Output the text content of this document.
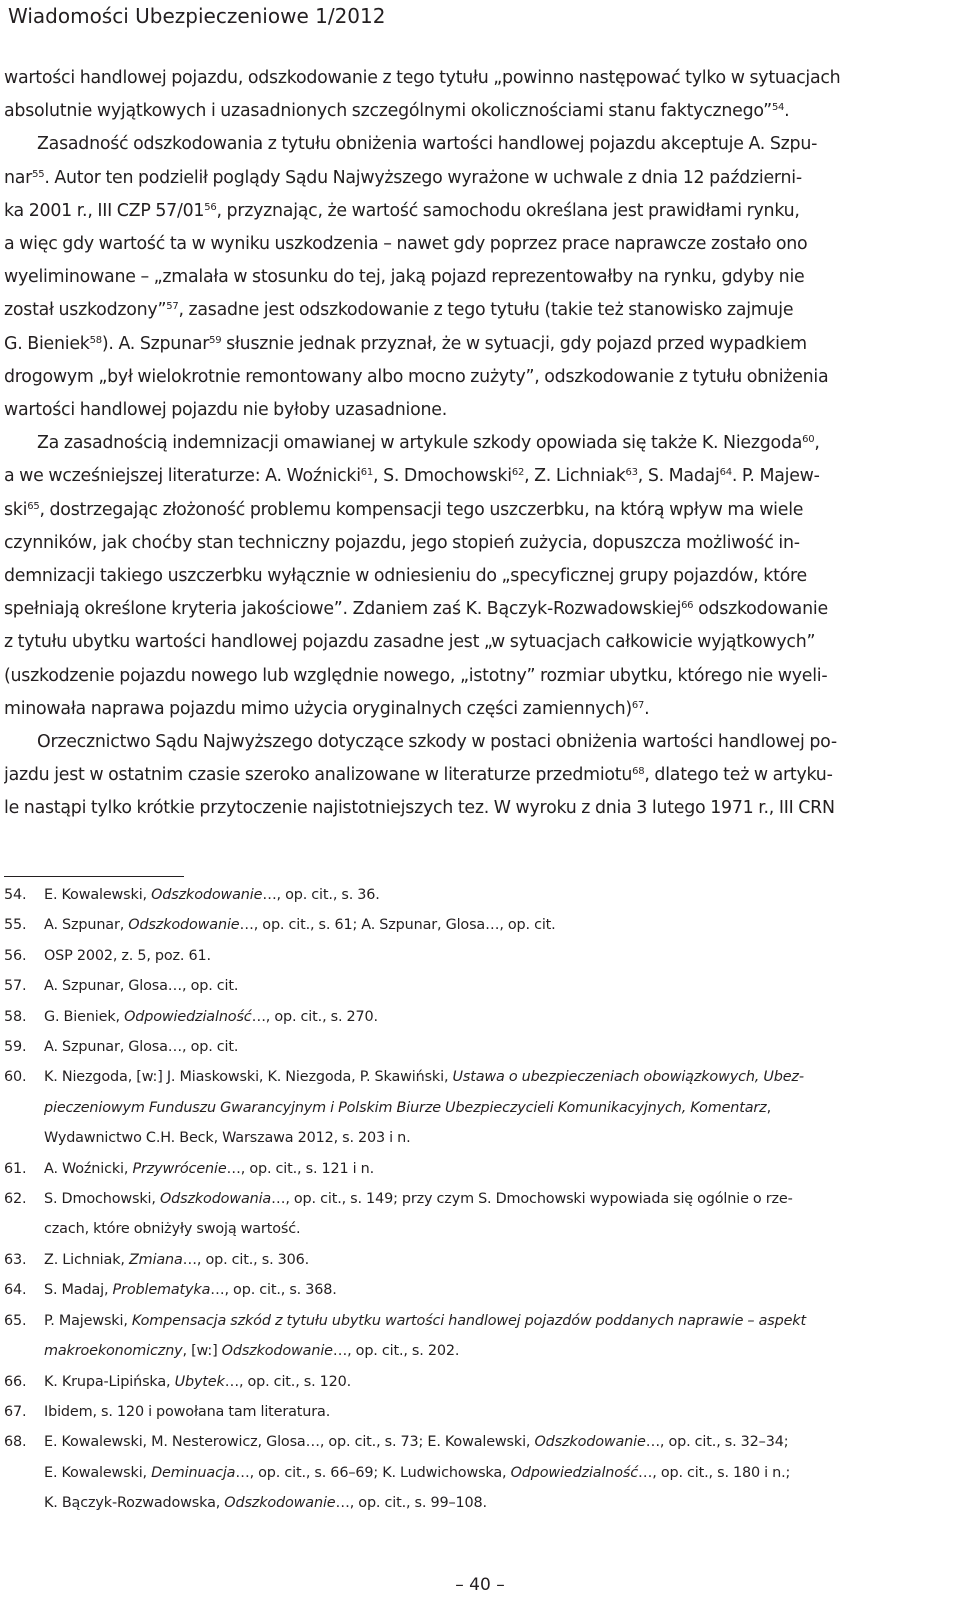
Wiadomości Ubezpieczeniowe 1/2012
wartości handlowej pojazdu, odszkodowanie z tego tytułu „powinno następować tylko w sytuacjach
absolutnie wyjątkowych i uzasadnionych szczególnymi okolicznościami stanu faktycznego”$^{54}$.
Zasadność odszkodowania z tytułu obniżenia wartości handlowej pojazdu akceptuje A. Szpu-
nar$^{55}$. Autor ten podzielił poglądy Sądu Najwyższego wyrażone w uchwale z dnia 12 październi-
ka 2001 r., III CZP $57/01^{56}$, przyznając, że wartość samochodu określana jest prawidłami rynku,
a więc gdy wartość ta w wyniku uszkodzenia – nawet gdy poprzez prace naprawcze zostało ono
wyeliminowane – „zmalała w stosunku do tej, jaką pojazd reprezentowałby na rynku, gdyby nie
został uszkodzony”$^{57}$, zasadne jest odszkodowanie z tego tytułu (takie też stanowisko zajmuje
G. Bieniek$^{58}$). A. Szpunar$^{59}$ słusznie jednak przyznał, że w sytuacji, gdy pojazd przed wypadkiem
drogowym „był wielokrotnie remontowany albo mocno zużyty”, odszkodowanie z tytułu obniżenia
wartości handlowej pojazdu nie byłoby uzasadnione.
Za zasadnością indemnizacji omawianej w artykule szkody opowiada się także K. Niezgoda$^{60}$,
a we wcześniejszej literaturze: A. Woźnicki$^{61}$, S. Dmochowski$^{62}$, Z. Lichniak$^{63}$, S. Madaj$^{64}$. P. Majew-
ski$^{65}$, dostrzegając złożoność problemu kompensacji tego uszczerbku, na którą wpływ ma wiele
czynników, jak choćby stan techniczny pojazdu, jego stopień zużycia, dopuszcza możliwość in-
demnizacji takiego uszczerbku wyłącznie w odniesieniu do „specyficznej grupy pojazdów, które
spełniają określone kryteria jakościowe”. Zdaniem zaś K. Bączyk-Rozwadowskiej$^{66}$ odszkodowanie
z tytułu ubytku wartości handlowej pojazdu zasadne jest „w sytuacjach całkowicie wyjątkowych”
(uszkodzenie pojazdu nowego lub względnie nowego, „istotny” rozmiar ubytku, którego nie wyeli-
minowała naprawa pojazdu mimo użycia oryginalnych części zamiennych)$^{67}$.
Orzecznictwo Sądu Najwyższego dotyczące szkody w postaci obniżenia wartości handlowej po-
jazdu jest w ostatnim czasie szeroko analizowane w literaturze przedmiotu$^{68}$, dlatego też w artyku-
le nastąpi tylko krótkie przytoczenie najistotniejszych tez. W wyroku z dnia 3 lutego 1971 r., III CRN
54. E. Kowalewski, Odszkodowanie…, op. cit., s. 36.
55. A. Szpunar, Odszkodowanie…, op. cit., s. 61; A. Szpunar, Glosa…, op. cit.
56. OSP 2002, z. 5, poz. 61.
57. A. Szpunar, Glosa…, op. cit.
58. G. Bieniek, Odpowiedzialność…, op. cit., s. 270.
59. A. Szpunar, Glosa…, op. cit.
60. K. Niezgoda, [w:] J. Miaskowski, K. Niezgoda, P. Skawiński, Ustawa o ubezpieczeniach obowiązkowych, Ubez-
pieczeniowym Funduszu Gwarancyjnym i Polskim Biurze Ubezpieczycieli Komunikacyjnych, Komentarz,
Wydawnictwo C.H. Beck, Warszawa 2012, s. 203 i n.
61. A. Woźnicki, Przywrócenie…, op. cit., s. 121 i n.
62. S. Dmochowski, Odszkodowania…, op. cit., s. 149; przy czym S. Dmochowski wypowiada się ogólnie o rze-
czach, które obniżyły swoją wartość.
63. Z. Lichniak, Zmiana…, op. cit., s. 306.
64. S. Madaj, Problematyka…, op. cit., s. 368.
65. P. Majewski, Kompensacja szkód z tytułu ubytku wartości handlowej pojazdów poddanych naprawie – aspekt
makroekonomiczny, [w:] Odszkodowanie…, op. cit., s. 202.
66. K. Krupa-Lipińska, Ubytek…, op. cit., s. 120.
67. Ibidem, s. 120 i powołana tam literatura.
68. E. Kowalewski, M. Nesterowicz, Glosa…, op. cit., s. 73; E. Kowalewski, Odszkodowanie…, op. cit., s. 32–34;
E. Kowalewski, Deminuacja…, op. cit., s. 66–69; K. Ludwichowska, Odpowiedzialność…, op. cit., s. 180 i n.;
K. Bączyk-Rozwadowska, Odszkodowanie…, op. cit., s. 99–108.
– 40 –
